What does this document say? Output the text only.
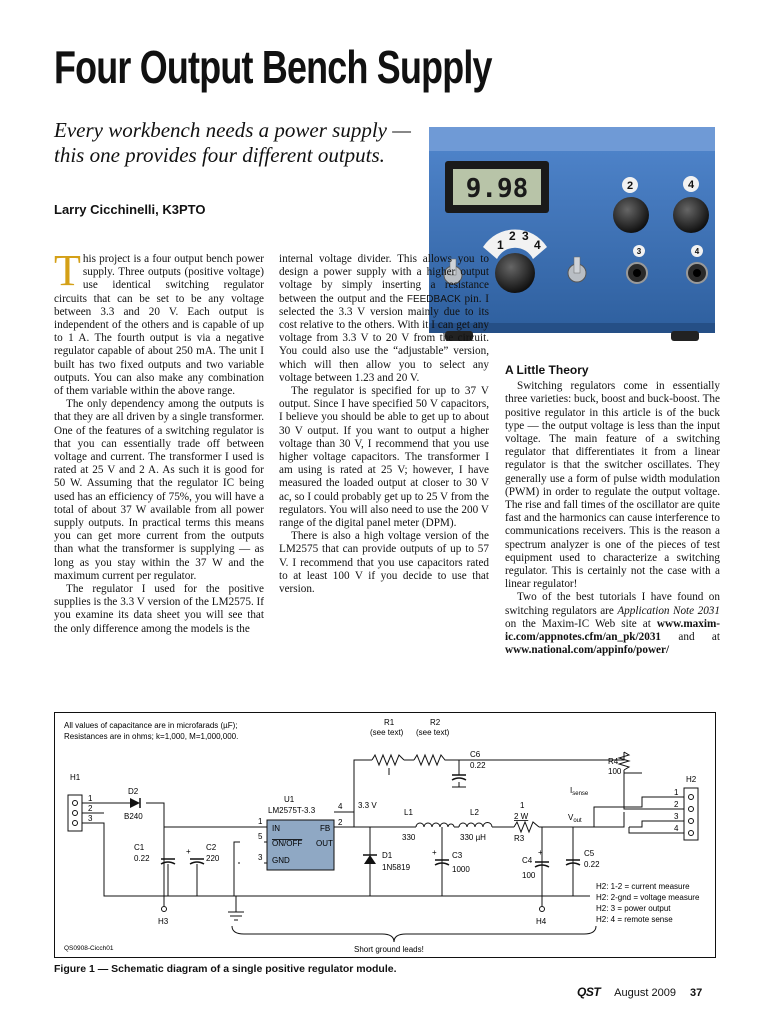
Four Output Bench Supply

Every workbench needs a power supply — this one provides four different outputs.

Larry Cicchinelli, K3PTO

9.98
1
2 3
4
2	4
3	4

This project is a four output bench power supply. Three outputs (positive voltage) use identical switching regulator circuits that can be set to be any voltage between 3.3 and 20 V. Each output is independent of the others and is capable of up to 1 A. The fourth output is via a negative regulator capable of about 250 mA. The unit I built has two fixed outputs and two variable outputs. You can also make any combination of them variable within the above range.

The only dependency among the outputs is that they are all driven by a single transformer. One of the features of a switching regulator is that you can essentially trade off between voltage and current. The transformer I used is rated at 25 V and 2 A. As such it is good for 50 W. Assuming that the regulator IC being used has an efficiency of 75%, you will have a total of about 37 W available from all power supply outputs. In practical terms this means you can get more current from the outputs than what the transformer is supplying — as long as you stay within the 37 W and the maximum current per regulator.

The regulator I used for the positive supplies is the 3.3 V version of the LM2575. If you examine its data sheet you will see that the only difference among the models is the

internal voltage divider. This allows you to design a power supply with a higher output voltage by simply inserting a resistance between the output and the FEEDBACK pin. I selected the 3.3 V version mainly due to its cost relative to the others. With it I can get any voltage from 3.3 V to 20 V from the circuit. You could also use the “adjustable” version, which will then allow you to select any voltage between 1.23 and 20 V.

The regulator is specified for up to 37 V output. Since I have specified 50 V capacitors, I believe you should be able to get up to about 30 V output. If you want to output a higher voltage than 30 V, I recommend that you use higher voltage capacitors. The transformer I am using is rated at 25 V; however, I have measured the loaded output at closer to 30 V ac, so I could probably get up to 25 V from the regulators. You will also need to use the 200 V range of the digital panel meter (DPM).

There is also a high voltage version of the LM2575 that can provide outputs of up to 57 V. I recommend that you use capacitors rated to at least 100 V if you decide to use that version.

A Little Theory

Switching regulators come in essentially three varieties: buck, boost and buck-boost. The positive regulator in this article is of the buck type — the output voltage is less than the input voltage. The main feature of a switching regulator that differentiates it from a linear regulator is that the switcher oscillates. They generally use a form of pulse width modulation (PWM) in order to regulate the output voltage. The rise and fall times of the oscillator are quite fast and the harmonics can cause interference to communications receivers. This is the reason a spectrum analyzer is one of the pieces of test equipment used to characterize a switching regulator. This is certainly not the case with a linear regulator!

Two of the best tutorials I have found on switching regulators are Application Note 2031 on the Maxim-IC Web site at www.maxim-ic.com/appnotes.cfm/an_pk/2031 and at www.national.com/appinfo/power/

All values of capacitance are in microfarads (µF);
Resistances are in ohms; k=1,000, M=1,000,000.
H1
1
2
3
D2
B240
C1
0.22
+ C2
220
U1
LM2575T-3.3
IN	FB
ON/OFF OUT
GND
1
4
5
2
3
3.3 V
R1
(see text)
R2
(see text)
C6
0.22	R4
100
L1
330
L2
330 µH
1
2 W
R3
$I_{sense}$
$V_{out}$
D1
1N5819
+ C3
1000
+
C4
100
C5
0.22
H2
1
2
3
4
H3	H4
Short ground leads!
QS0908-Cicch01
H2: 1-2 = current measure
H2: 2-gnd = voltage measure
H2: 3 = power output
H2: 4 = remote sense

Figure 1 — Schematic diagram of a single positive regulator module.

QST August 2009 37
